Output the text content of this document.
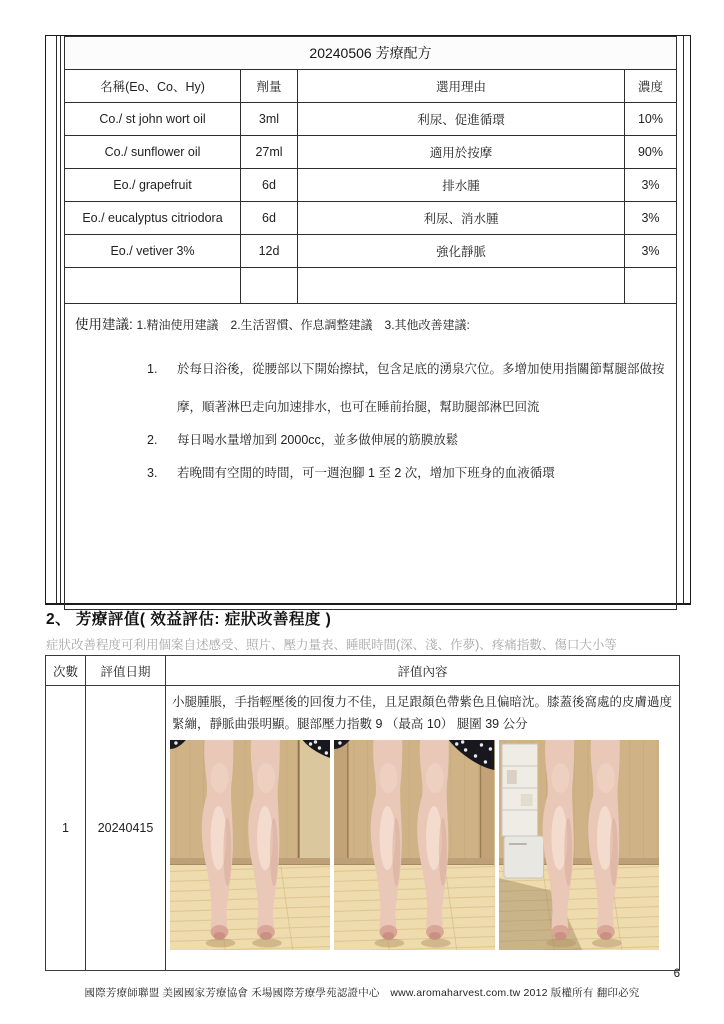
20240506 芳療配方			
名稱(Eo、Co、Hy)	劑量	選用理由	濃度
Co./ st john wort oil	3ml	利尿、促進循環	10%
Co./ sunflower oil	27ml	適用於按摩	90%
Eo./ grapefruit	6d	排水腫	3%
Eo./ eucalyptus citriodora	6d	利尿、消水腫	3%
Eo./ vetiver 3%	12d	強化靜脈	3%

使用建議: 1.精油使用建議　2.生活習慣、作息調整建議　3.其他改善建議:
1.	於每日浴後，從腰部以下開始擦拭，包含足底的湧泉穴位。多增加使用指關節幫腿部做按摩，順著淋巴走向加速排水，也可在睡前抬腿，幫助腿部淋巴回流
2.	每日喝水量增加到 2000cc，並多做伸展的筋膜放鬆
3.	若晚間有空閒的時間，可一週泡腳 1 至 2 次，增加下班身的血液循環
2、 芳療評值( 效益評估: 症狀改善程度 )
症狀改善程度可利用個案自述感受、照片、壓力量表、睡眠時間(深、淺、作夢)、疼痛指數、傷口大小等
次數	評值日期	評值內容
1	20240415	小腿腫脹，手指輕壓後的回復力不佳，且足跟顏色帶紫色且偏暗沈。膝蓋後窩處的皮膚過度緊繃，靜脈曲張明顯。腿部壓力指數 9 （最高 10） 腿圍 39 公分
6
國際芳療師聯盟 美國國家芳療協會 禾場國際芳療學苑認證中心　www.aromaharvest.com.tw 2012 版權所有 翻印必究
